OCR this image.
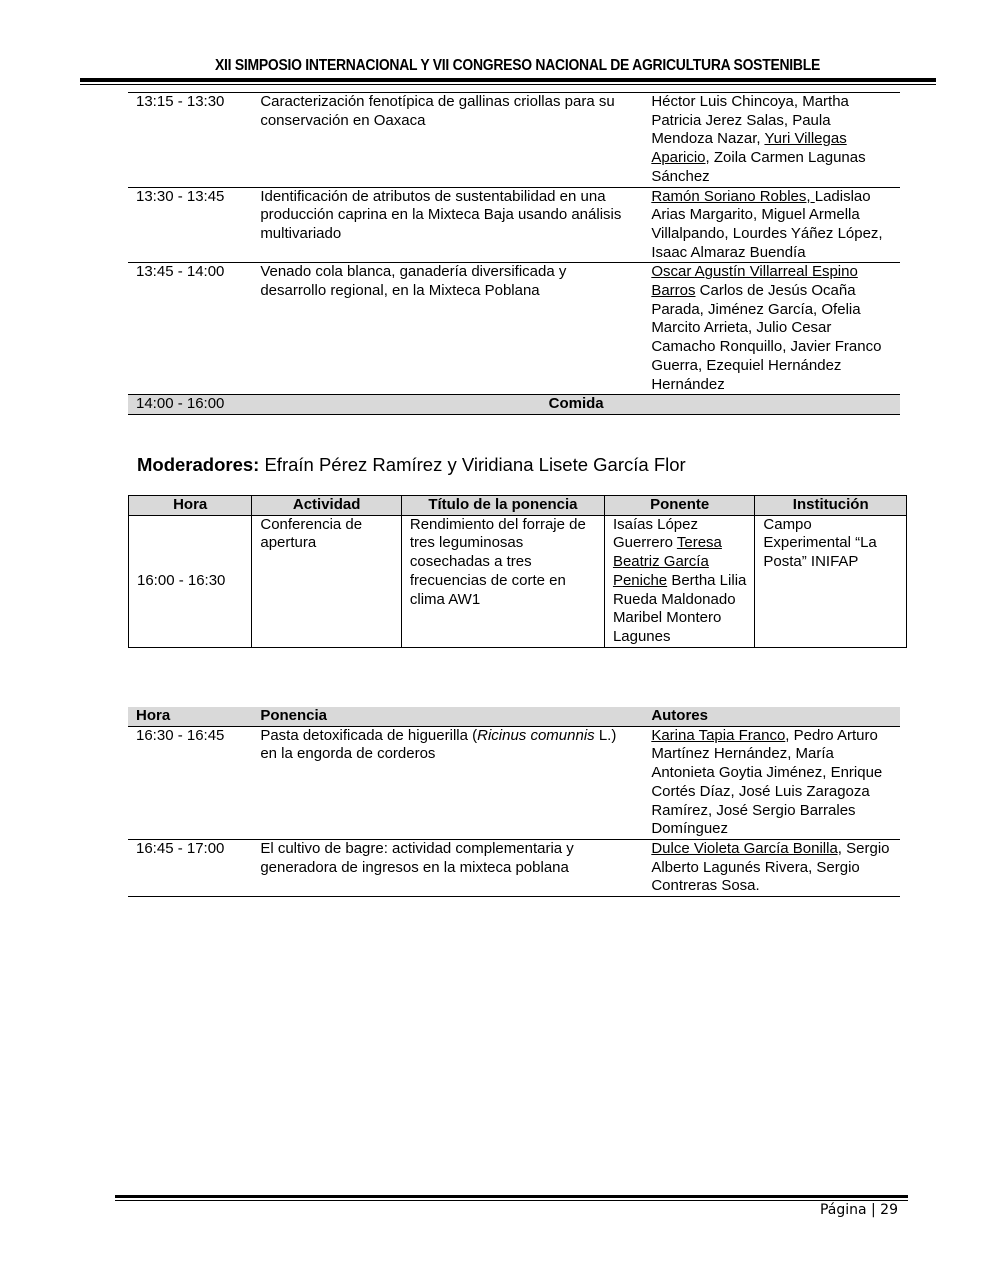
XII SIMPOSIO INTERNACIONAL Y VII CONGRESO NACIONAL DE AGRICULTURA SOSTENIBLE
13:15 - 13:30	Caracterización fenotípica de gallinas criollas para su conservación en Oaxaca	Héctor Luis Chincoya, Martha Patricia Jerez Salas, Paula Mendoza Nazar, Yuri Villegas Aparicio, Zoila Carmen Lagunas Sánchez
13:30 - 13:45	Identificación de atributos de sustentabilidad en una producción caprina en la Mixteca Baja usando análisis multivariado	Ramón Soriano Robles, Ladislao Arias Margarito, Miguel Armella Villalpando, Lourdes Yáñez López, Isaac Almaraz Buendía
13:45 - 14:00	Venado cola blanca, ganadería diversificada y desarrollo regional, en la Mixteca Poblana	Oscar Agustín Villarreal Espino Barros Carlos de Jesús Ocaña Parada, Jiménez García, Ofelia Marcito Arrieta, Julio Cesar Camacho Ronquillo, Javier Franco Guerra, Ezequiel Hernández Hernández
14:00 - 16:00	Comida	
Moderadores: Efraín Pérez Ramírez y Viridiana Lisete García Flor
Hora	Actividad	Título de la ponencia	Ponente	Institución
16:00 - 16:30	Conferencia de apertura	Rendimiento del forraje de tres leguminosas cosechadas a tres frecuencias de corte en clima AW1	Isaías López Guerrero Teresa Beatriz García Peniche Bertha Lilia Rueda Maldonado Maribel Montero Lagunes	Campo Experimental “La Posta” INIFAP
Hora	Ponencia	Autores
16:30 - 16:45	Pasta detoxificada de higuerilla (Ricinus comunnis L.) en la engorda de corderos	Karina Tapia Franco, Pedro Arturo Martínez Hernández, María Antonieta Goytia Jiménez, Enrique Cortés Díaz, José Luis Zaragoza Ramírez, José Sergio Barrales Domínguez
16:45 - 17:00	El cultivo de bagre: actividad complementaria y generadora de ingresos en la mixteca poblana	Dulce Violeta García Bonilla, Sergio Alberto Lagunés Rivera, Sergio Contreras Sosa.
Página | 29
